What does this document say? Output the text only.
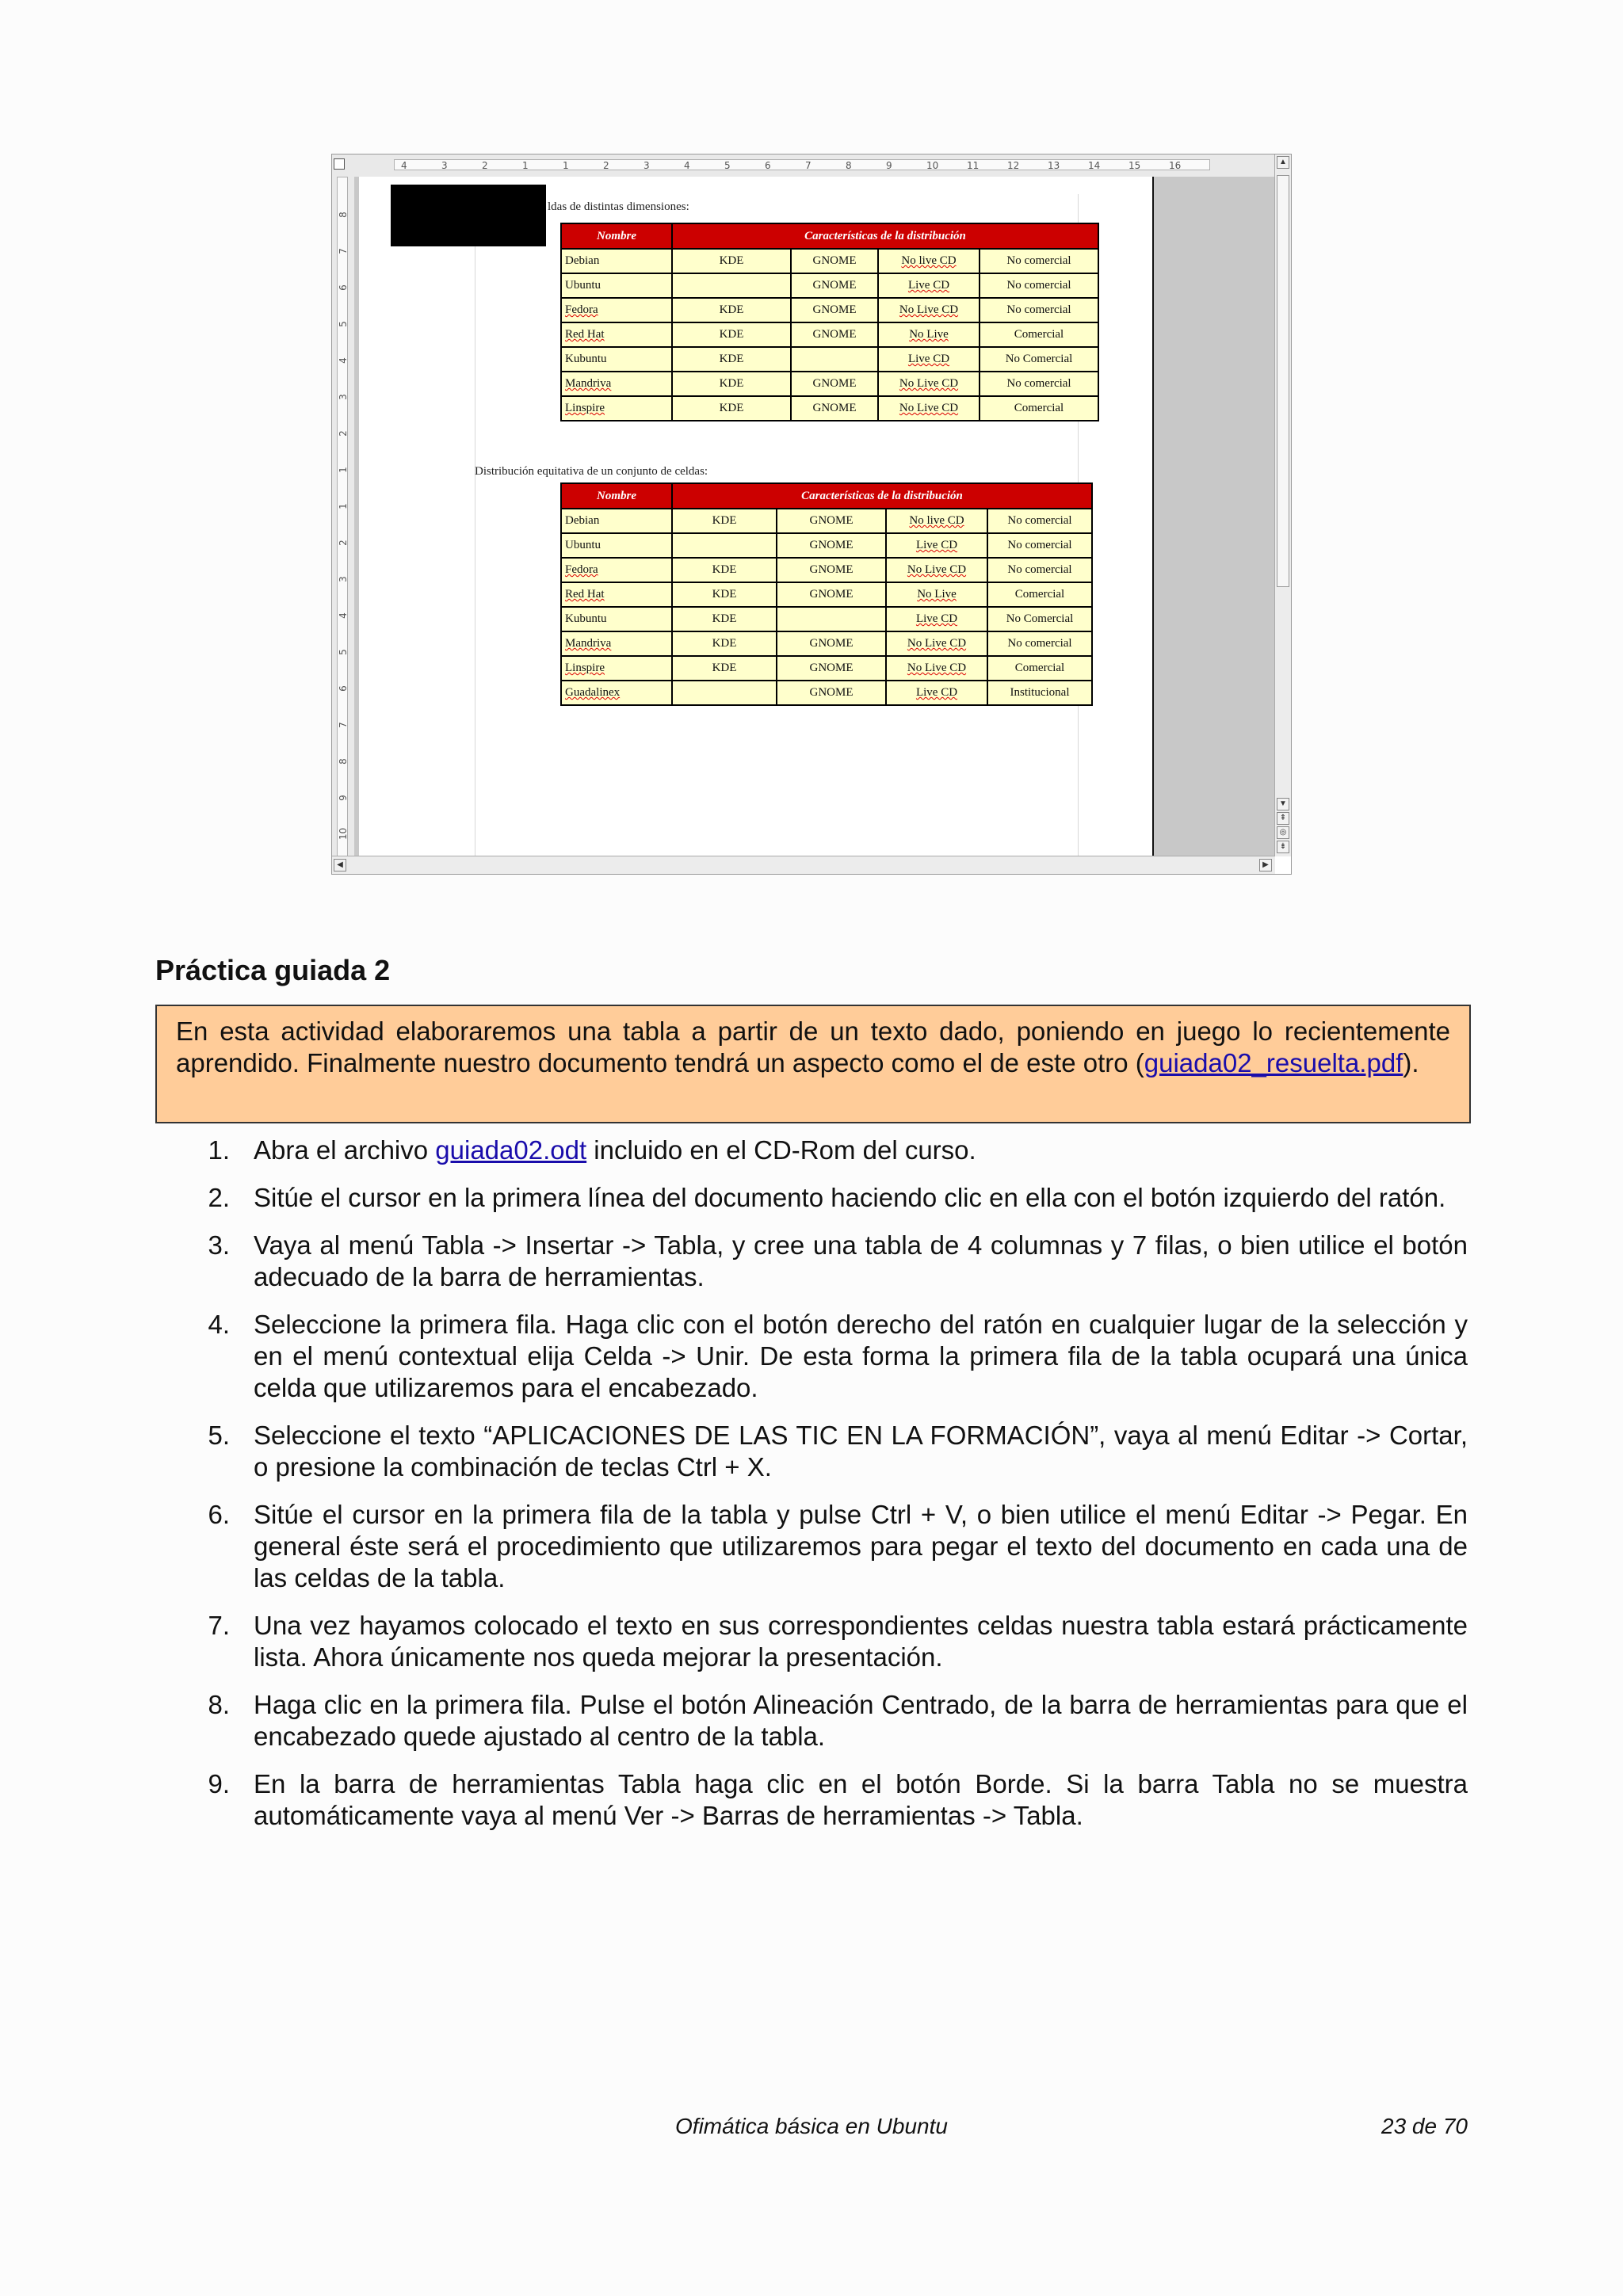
4	3	2	1	1	2	3	4	5	6	7	8	9	10	11	12	13	14	15	16
8
7
6
5
4
3
2
1
1
2
3
4
5
6
7
8
9
10
ldas de distintas dimensiones:
Nombre	Características de la distribución			
Debian	KDE	GNOME	No live CD	No comercial
Ubuntu		GNOME	Live CD	No comercial
Fedora	KDE	GNOME	No Live CD	No comercial
Red Hat	KDE	GNOME	No Live	Comercial
Kubuntu	KDE		Live CD	No Comercial
Mandriva	KDE	GNOME	No Live CD	No comercial
Linspire	KDE	GNOME	No Live CD	Comercial
Distribución equitativa de un conjunto de celdas:
Nombre	Características de la distribución			
Debian	KDE	GNOME	No live CD	No comercial
Ubuntu		GNOME	Live CD	No comercial
Fedora	KDE	GNOME	No Live CD	No comercial
Red Hat	KDE	GNOME	No Live	Comercial
Kubuntu	KDE		Live CD	No Comercial
Mandriva	KDE	GNOME	No Live CD	No comercial
Linspire	KDE	GNOME	No Live CD	Comercial
Guadalinex		GNOME	Live CD	Institucional
▲
▼
⇞
◎
⇟
◀	▶
Práctica guiada 2
En esta actividad elaboraremos una tabla a partir de un texto dado, poniendo en juego lo recientemente aprendido. Finalmente nuestro documento tendrá un aspecto como el de este otro (guiada02_resuelta.pdf).
1. Abra el archivo guiada02.odt incluido en el CD-Rom del curso.
2. Sitúe el cursor en la primera línea del documento haciendo clic en ella con el botón izquierdo del ratón.
3. Vaya al menú Tabla -> Insertar -> Tabla, y cree una tabla de 4 columnas y 7 filas, o bien utilice el botón adecuado de la barra de herramientas.
4. Seleccione la primera fila. Haga clic con el botón derecho del ratón en cualquier lugar de la selección y en el menú contextual elija Celda -> Unir. De esta forma la primera fila de la tabla ocupará una única celda que utilizaremos para el encabezado.
5. Seleccione el texto “APLICACIONES DE LAS TIC EN LA FORMACIÓN”, vaya al menú Editar -> Cortar, o presione la combinación de teclas Ctrl + X.
6. Sitúe el cursor en la primera fila de la tabla y pulse Ctrl + V, o bien utilice el menú Editar -> Pegar. En general éste será el procedimiento que utilizaremos para pegar el texto del documento en cada una de las celdas de la tabla.
7. Una vez hayamos colocado el texto en sus correspondientes celdas nuestra tabla estará prácticamente lista. Ahora únicamente nos queda mejorar la presentación.
8. Haga clic en la primera fila. Pulse el botón Alineación Centrado, de la barra de herramientas para que el encabezado quede ajustado al centro de la tabla.
9. En la barra de herramientas Tabla haga clic en el botón Borde. Si la barra Tabla no se muestra automáticamente vaya al menú Ver -> Barras de herramientas -> Tabla.
Ofimática básica en Ubuntu	23 de 70
